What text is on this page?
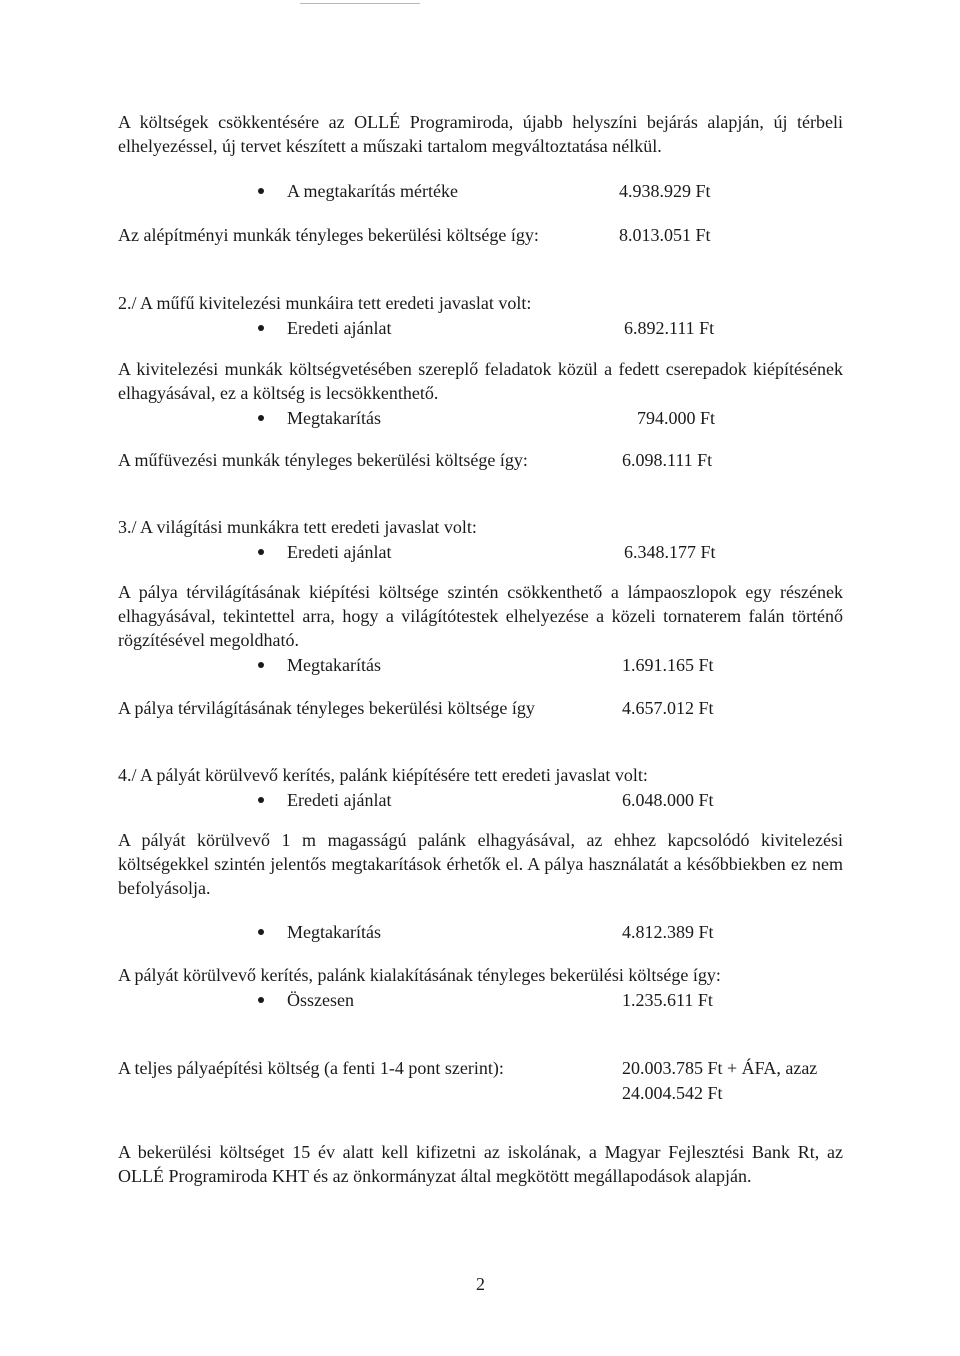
A költségek csökkentésére az OLLÉ Programiroda, újabb helyszíni bejárás alapján, új térbeli elhelyezéssel, új tervet készített a műszaki tartalom megváltoztatása nélkül.
A megtakarítás mértéke	4.938.929 Ft
Az alépítményi munkák tényleges bekerülési költsége így:	8.013.051 Ft
2./ A műfű kivitelezési munkáira tett eredeti javaslat volt:
Eredeti ajánlat	6.892.111 Ft
A kivitelezési munkák költségvetésében szereplő feladatok közül a fedett cserepadok kiépítésének elhagyásával, ez a költség is lecsökkenthető.
Megtakarítás	794.000 Ft
A műfüvezési munkák tényleges bekerülési költsége így:	6.098.111 Ft
3./ A világítási munkákra tett eredeti javaslat volt:
Eredeti ajánlat	6.348.177 Ft
A pálya térvilágításának kiépítési költsége szintén csökkenthető a lámpaoszlopok egy részének elhagyásával, tekintettel arra, hogy a világítótestek elhelyezése a közeli tornaterem falán történő rögzítésével megoldható.
Megtakarítás	1.691.165 Ft
A pálya térvilágításának tényleges bekerülési költsége így	4.657.012 Ft
4./ A pályát körülvevő kerítés, palánk kiépítésére tett eredeti javaslat volt:
Eredeti ajánlat	6.048.000 Ft
A pályát körülvevő 1 m magasságú palánk elhagyásával, az ehhez kapcsolódó kivitelezési költségekkel szintén jelentős megtakarítások érhetők el. A pálya használatát a későbbiekben ez nem befolyásolja.
Megtakarítás	4.812.389 Ft
A pályát körülvevő kerítés, palánk kialakításának tényleges bekerülési költsége így:
Összesen	1.235.611 Ft
A teljes pályaépítési költség (a fenti 1-4 pont szerint):	20.003.785 Ft + ÁFA, azaz
24.004.542 Ft
A bekerülési költséget 15 év alatt kell kifizetni az iskolának, a Magyar Fejlesztési Bank Rt, az OLLÉ Programiroda KHT és az önkormányzat által megkötött megállapodások alapján.
2
